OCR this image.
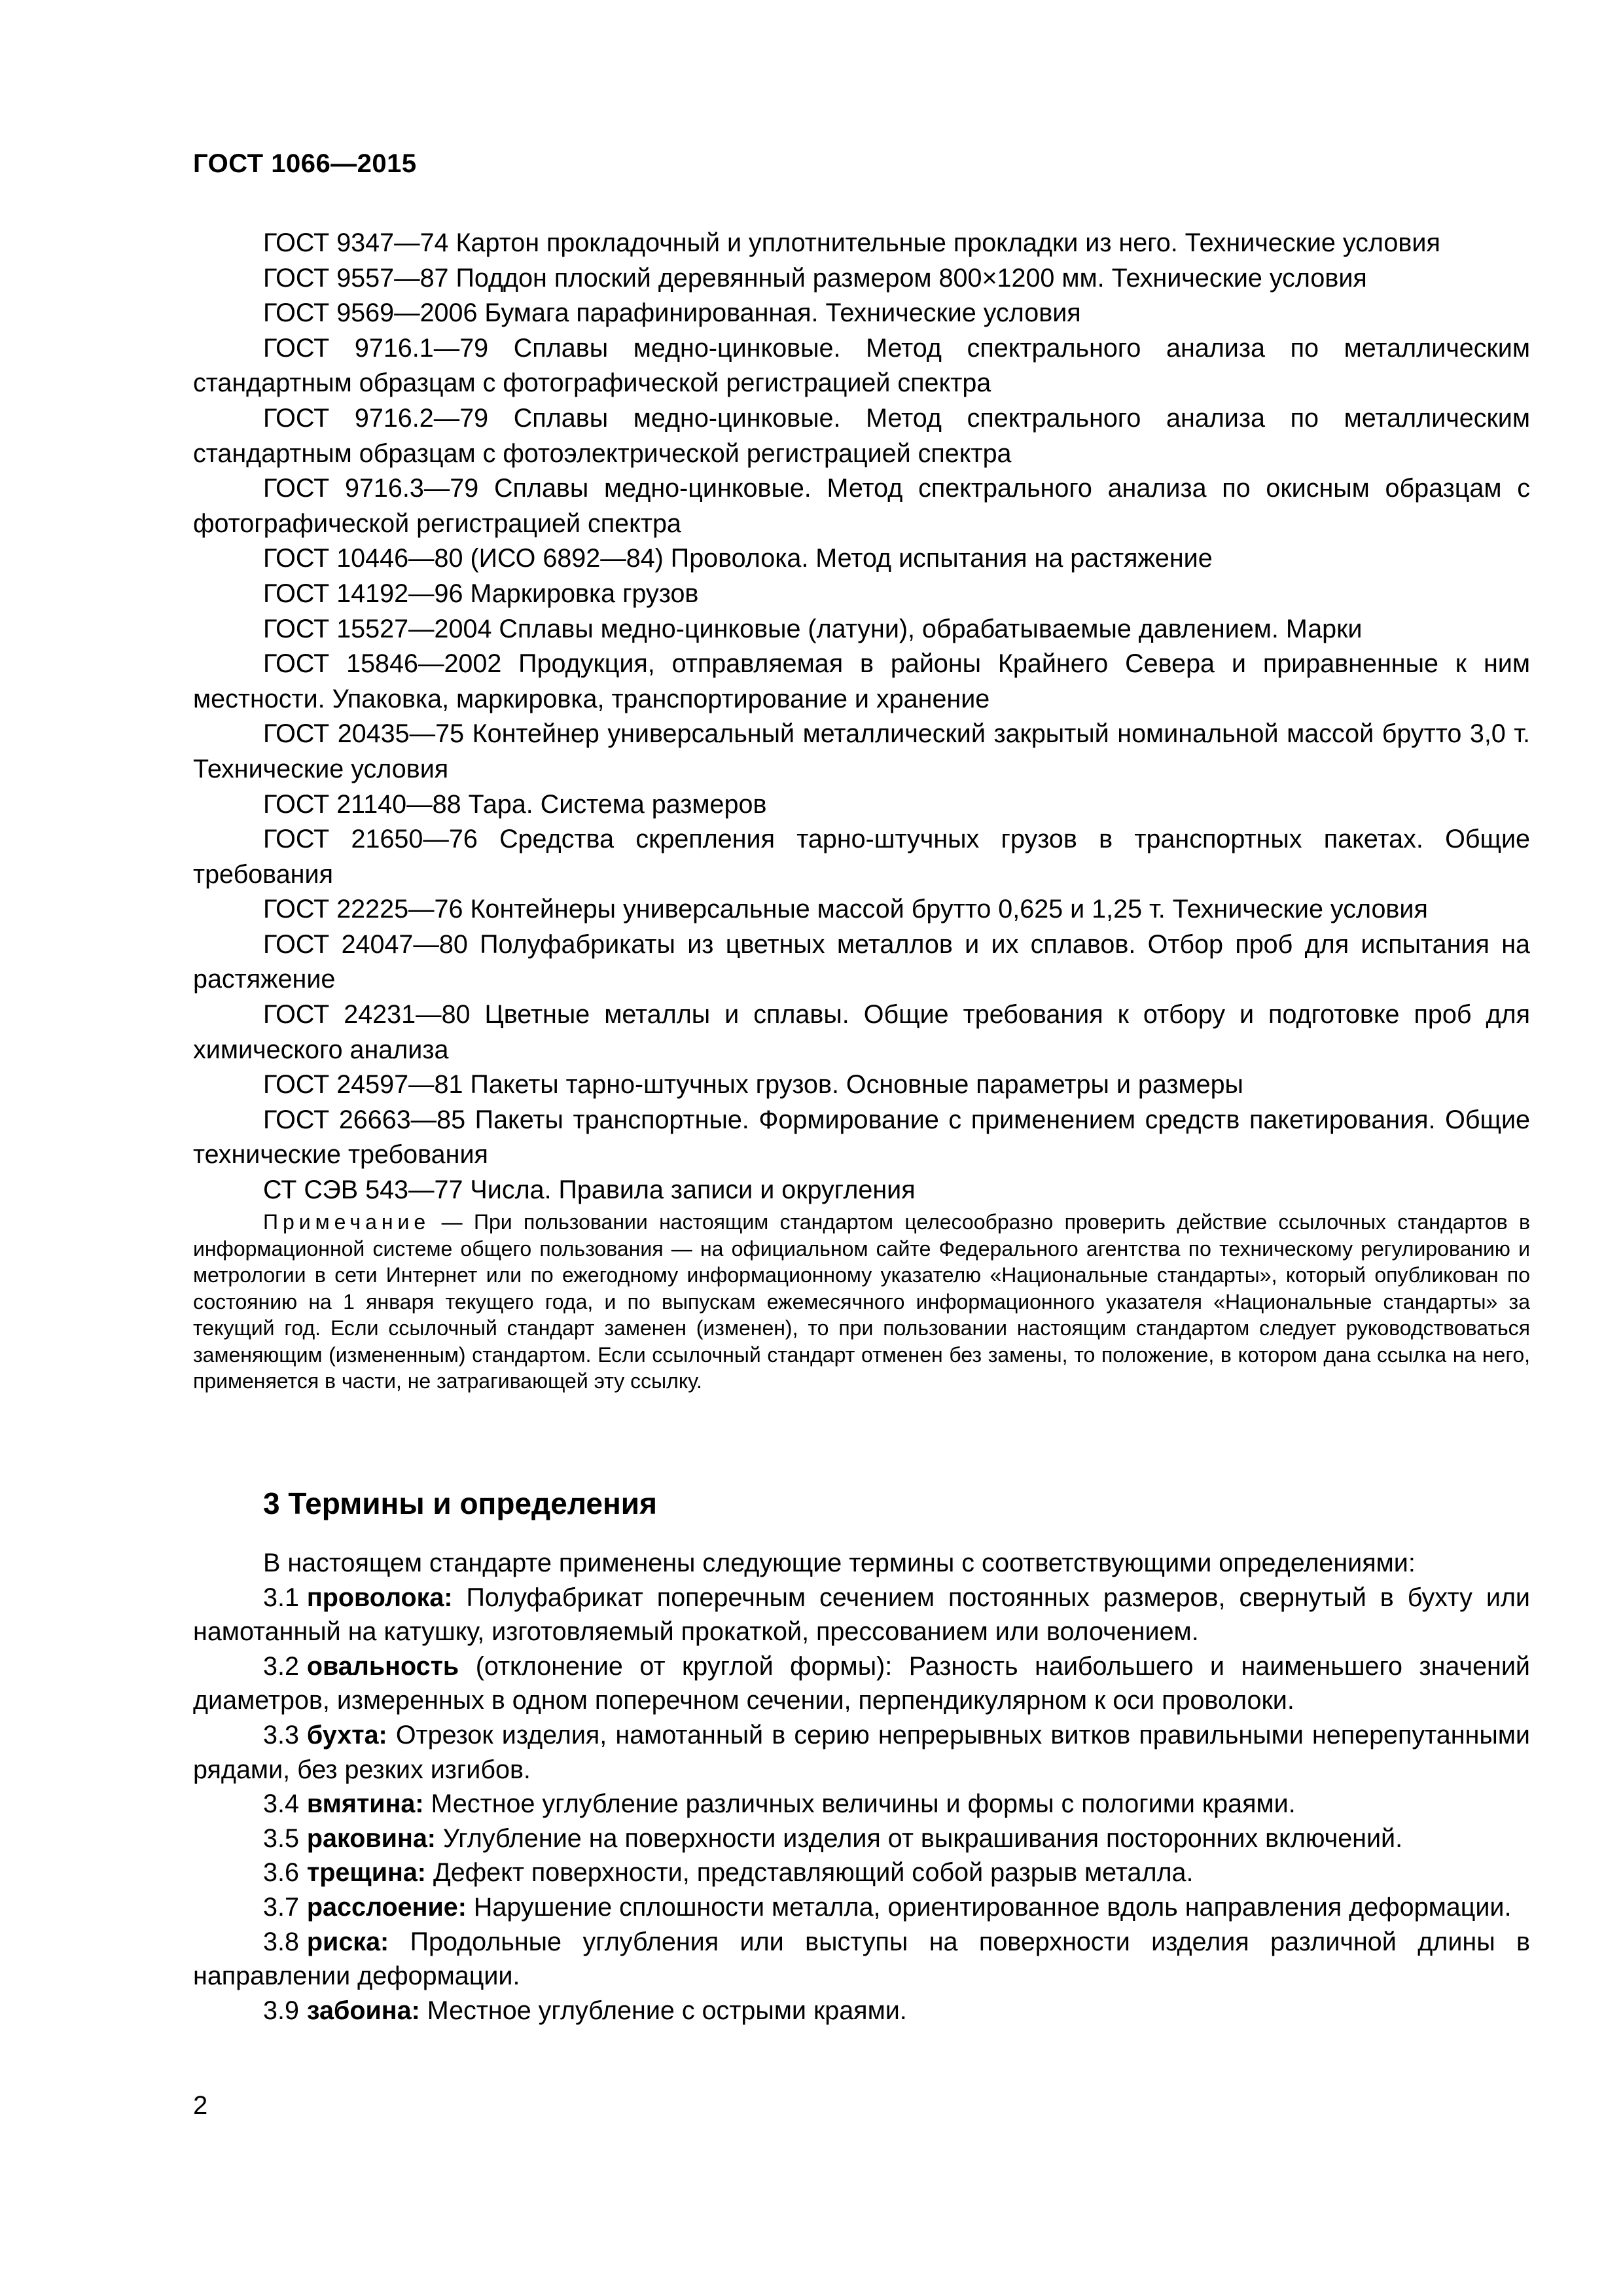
ГОСТ 1066—2015

ГОСТ 9347—74 Картон прокладочный и уплотнительные прокладки из него. Технические условия

ГОСТ 9557—87 Поддон плоский деревянный размером 800×1200 мм. Технические условия

ГОСТ 9569—2006 Бумага парафинированная. Технические условия

ГОСТ 9716.1—79 Сплавы медно-цинковые. Метод спектрального анализа по металлическим стандартным образцам с фотографической регистрацией спектра

ГОСТ 9716.2—79 Сплавы медно-цинковые. Метод спектрального анализа по металлическим стандартным образцам с фотоэлектрической регистрацией спектра

ГОСТ 9716.3—79 Сплавы медно-цинковые. Метод спектрального анализа по окисным образцам с фотографической регистрацией спектра

ГОСТ 10446—80 (ИСО 6892—84) Проволока. Метод испытания на растяжение

ГОСТ 14192—96 Маркировка грузов

ГОСТ 15527—2004 Сплавы медно-цинковые (латуни), обрабатываемые давлением. Марки

ГОСТ 15846—2002 Продукция, отправляемая в районы Крайнего Севера и приравненные к ним местности. Упаковка, маркировка, транспортирование и хранение

ГОСТ 20435—75 Контейнер универсальный металлический закрытый номинальной массой брутто 3,0 т. Технические условия

ГОСТ 21140—88 Тара. Система размеров

ГОСТ 21650—76 Средства скрепления тарно-штучных грузов в транспортных пакетах. Общие требования

ГОСТ 22225—76 Контейнеры универсальные массой брутто 0,625 и 1,25 т. Технические условия

ГОСТ 24047—80 Полуфабрикаты из цветных металлов и их сплавов. Отбор проб для испытания на растяжение

ГОСТ 24231—80 Цветные металлы и сплавы. Общие требования к отбору и подготовке проб для химического анализа

ГОСТ 24597—81 Пакеты тарно-штучных грузов. Основные параметры и размеры

ГОСТ 26663—85 Пакеты транспортные. Формирование с применением средств пакетирования. Общие технические требования

СТ СЭВ 543—77 Числа. Правила записи и округления

Примечание — При пользовании настоящим стандартом целесообразно проверить действие ссылочных стандартов в информационной системе общего пользования — на официальном сайте Федерального агентства по техническому регулированию и метрологии в сети Интернет или по ежегодному информационному указателю «Национальные стандарты», который опубликован по состоянию на 1 января текущего года, и по выпускам ежемесячного информационного указателя «Национальные стандарты» за текущий год. Если ссылочный стандарт заменен (изменен), то при пользовании настоящим стандартом следует руководствоваться заменяющим (измененным) стандартом. Если ссылочный стандарт отменен без замены, то положение, в котором дана ссылка на него, применяется в части, не затрагивающей эту ссылку.

3 Термины и определения

В настоящем стандарте применены следующие термины с соответствующими определениями:

3.1 проволока: Полуфабрикат поперечным сечением постоянных размеров, свернутый в бухту или намотанный на катушку, изготовляемый прокаткой, прессованием или волочением.

3.2 овальность (отклонение от круглой формы): Разность наибольшего и наименьшего значений диаметров, измеренных в одном поперечном сечении, перпендикулярном к оси проволоки.

3.3 бухта: Отрезок изделия, намотанный в серию непрерывных витков правильными неперепутанными рядами, без резких изгибов.

3.4 вмятина: Местное углубление различных величины и формы с пологими краями.

3.5 раковина: Углубление на поверхности изделия от выкрашивания посторонних включений.

3.6 трещина: Дефект поверхности, представляющий собой разрыв металла.

3.7 расслоение: Нарушение сплошности металла, ориентированное вдоль направления деформации.

3.8 риска: Продольные углубления или выступы на поверхности изделия различной длины в направлении деформации.

3.9 забоина: Местное углубление с острыми краями.

2
